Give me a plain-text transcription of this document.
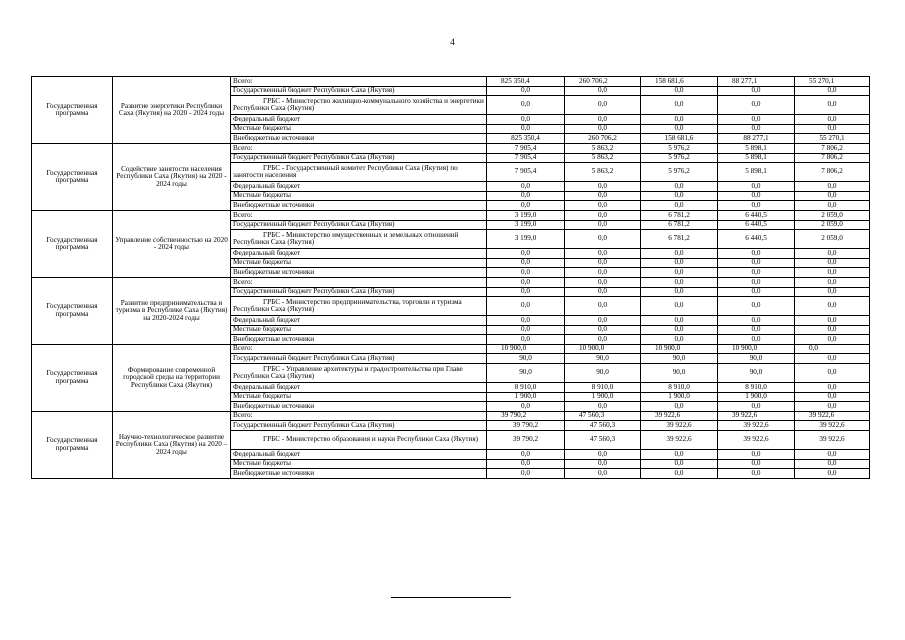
4
Государственная программа	Развитие энергетики Республики Саха (Якутия) на 2020 - 2024 годы	Всего:	825 350,4	260 706,2	158 681,6	88 277,1	55 270,1
		Государственный бюджет Республики Саха (Якутия)	0,0	0,0	0,0	0,0	0,0
		ГРБС - Министерство жилищно-коммунального хозяйства и энергетики Республики Саха (Якутия)	0,0	0,0	0,0	0,0	0,0
		Федеральный бюджет	0,0	0,0	0,0	0,0	0,0
		Местные бюджеты	0,0	0,0	0,0	0,0	0,0
		Внебюджетные источники	825 350,4	260 706,2	158 681,6	88 277,1	55 270,1
Государственная программа	Содействие занятости населения Республики Саха (Якутия) на 2020 - 2024 годы	Всего:	7 905,4	5 863,2	5 976,2	5 898,1	7 806,2
		Государственный бюджет Республики Саха (Якутия)	7 905,4	5 863,2	5 976,2	5 898,1	7 806,2
		ГРБС - Государственный комитет Республики Саха (Якутия) по занятости населения	7 905,4	5 863,2	5 976,2	5 898,1	7 806,2
		Федеральный бюджет	0,0	0,0	0,0	0,0	0,0
		Местные бюджеты	0,0	0,0	0,0	0,0	0,0
		Внебюджетные источники	0,0	0,0	0,0	0,0	0,0
Государственная программа	Управление собственностью на 2020 - 2024 годы	Всего:	3 199,0	0,0	6 781,2	6 440,5	2 059,0
		Государственный бюджет Республики Саха (Якутия)	3 199,0	0,0	6 781,2	6 440,5	2 059,0
		ГРБС - Министерство имущественных и земельных отношений Республики Саха (Якутия)	3 199,0	0,0	6 781,2	6 440,5	2 059,0
		Федеральный бюджет	0,0	0,0	0,0	0,0	0,0
		Местные бюджеты	0,0	0,0	0,0	0,0	0,0
		Внебюджетные источники	0,0	0,0	0,0	0,0	0,0
Государственная программа	Развитие предпринимательства и туризма в Республике Саха (Якутия) на 2020-2024 годы	Всего:	0,0	0,0	0,0	0,0	0,0
		Государственный бюджет Республики Саха (Якутия)	0,0	0,0	0,0	0,0	0,0
		ГРБС - Министерство предпринимательства, торговли и туризма Республики Саха (Якутия)	0,0	0,0	0,0	0,0	0,0
		Федеральный бюджет	0,0	0,0	0,0	0,0	0,0
		Местные бюджеты	0,0	0,0	0,0	0,0	0,0
		Внебюджетные источники	0,0	0,0	0,0	0,0	0,0
Государственная программа	Формирование современной городской среды на территории Республики Саха (Якутия)	Всего:	10 900,0	10 900,0	10 900,0	10 900,0	0,0
		Государственный бюджет Республики Саха (Якутия)	90,0	90,0	90,0	90,0	0,0
		ГРБС - Управление архитектуры и градостроительства при Главе Республики Саха (Якутия)	90,0	90,0	90,0	90,0	0,0
		Федеральный бюджет	8 910,0	8 910,0	8 910,0	8 910,0	0,0
		Местные бюджеты	1 900,0	1 900,0	1 900,0	1 900,0	0,0
		Внебюджетные источники	0,0	0,0	0,0	0,0	0,0
Государственная программа	Научно-технологическое развитие Республики Саха (Якутия) на 2020 – 2024 годы	Всего:	39 790,2	47 560,3	39 922,6	39 922,6	39 922,6
		Государственный бюджет Республики Саха (Якутия)	39 790,2	47 560,3	39 922,6	39 922,6	39 922,6
		ГРБС - Министерство образования и науки Республики Саха (Якутия)	39 790,2	47 560,3	39 922,6	39 922,6	39 922,6
		Федеральный бюджет	0,0	0,0	0,0	0,0	0,0
		Местные бюджеты	0,0	0,0	0,0	0,0	0,0
		Внебюджетные источники	0,0	0,0	0,0	0,0	0,0
